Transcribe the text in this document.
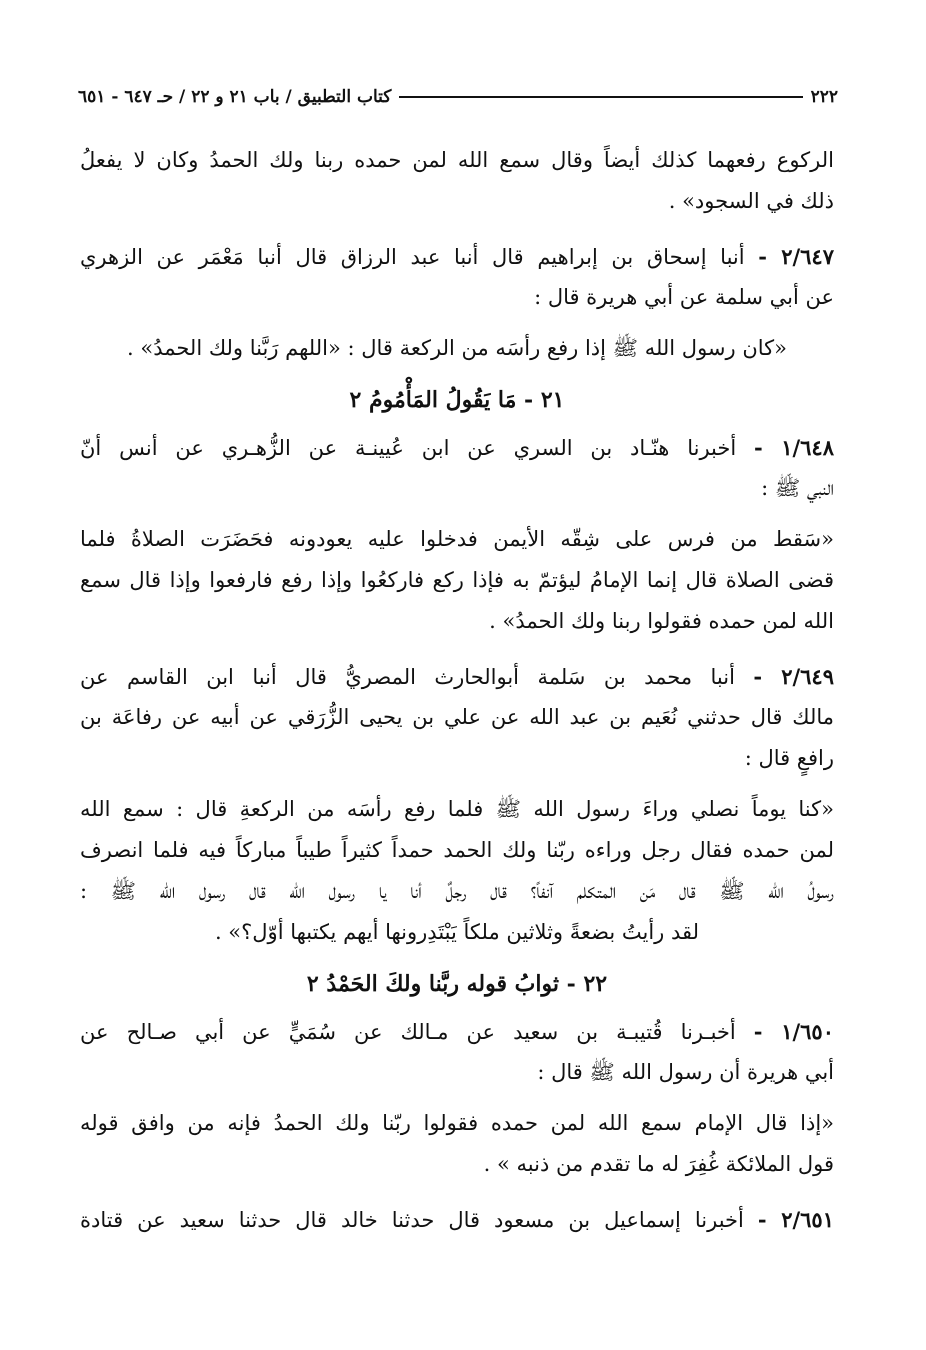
٢٢٢
كتاب التطبيق / باب ٢١ و ٢٢ / حـ ٦٤٧ - ٦٥١
الركوع رفعهما كذلك أيضاً وقال سمع الله لمن حمده ربنا ولك الحمدُ وكان لا يفعلُ
ذلك في السجود» .
٢/٦٤٧ - أنبا إسحاق بن إبراهيم قال أنبا عبد الرزاق قال أنبا مَعْمَر عن الزهري
عن أبي سلمة عن أبي هريرة قال :
«كان رسول الله ﷺ إذا رفع رأسَه من الركعة قال : «اللهم رَبَّنا ولك الحمدُ» .
٢١ - مَا يَقُولُ المَأْمُومُ ٢
١/٦٤٨ - أخبرنا هنّـاد بن السري عن ابن عُيينـة عن الزُّهـري عن أنس أنّ
النبي ﷺ :
«سَقط من فرس على شِقّه الأيمن فدخلوا عليه يعودونه فحَضَرَت الصلاةُ فلما
قضى الصلاة قال إنما الإمامُ ليؤتمّ به فإذا ركع فاركعُوا وإذا رفع فارفعوا وإذا قال سمع
الله لمن حمده فقولوا ربنا ولك الحمدُ» .
٢/٦٤٩ - أنبا محمد بن سَلمة أبوالحارث المصريُّ قال أنبا ابن القاسم عن
مالك قال حدثني نُعَيم بن عبد الله عن علي بن يحيى الزُّرَقي عن أبيه عن رفاعَة بن
رافعٍ قال :
«كنا يوماً نصلي وراءَ رسول الله ﷺ فلما رفع رأسَه من الركعةِ قال : سمع الله
لمن حمده فقال رجل وراءه ربّنا ولك الحمد حمداً كثيراً طيباً مباركاً فيه فلما انصرف
رسولُ الله ﷺ قال مَن المتكلم آنفاً؟ قال رجلٌ أنا يا رسول الله قال رسول الله ﷺ :
لقد رأيتُ بضعةً وثلاثين ملكاً يَبْتَدِرونها أيهم يكتبها أوّل؟» .
٢٢ - ثوابُ قوله ربَّنا ولكَ الحَمْدُ ٢
١/٦٥٠ - أخبـرنا قُتيبـة بن سعيد عن مـالك عن سُمَيٍّ عن أبي صـالح عن
أبي هريرة أن رسول الله ﷺ قال :
«إذا قال الإمام سمع الله لمن حمده فقولوا ربّنا ولك الحمدُ فإنه من وافق قوله
قول الملائكة غُفِرَ له ما تقدم من ذنبه » .
٢/٦٥١ - أخبرنا إسماعيل بن مسعود قال حدثنا خالد قال حدثنا سعيد عن قتادة
